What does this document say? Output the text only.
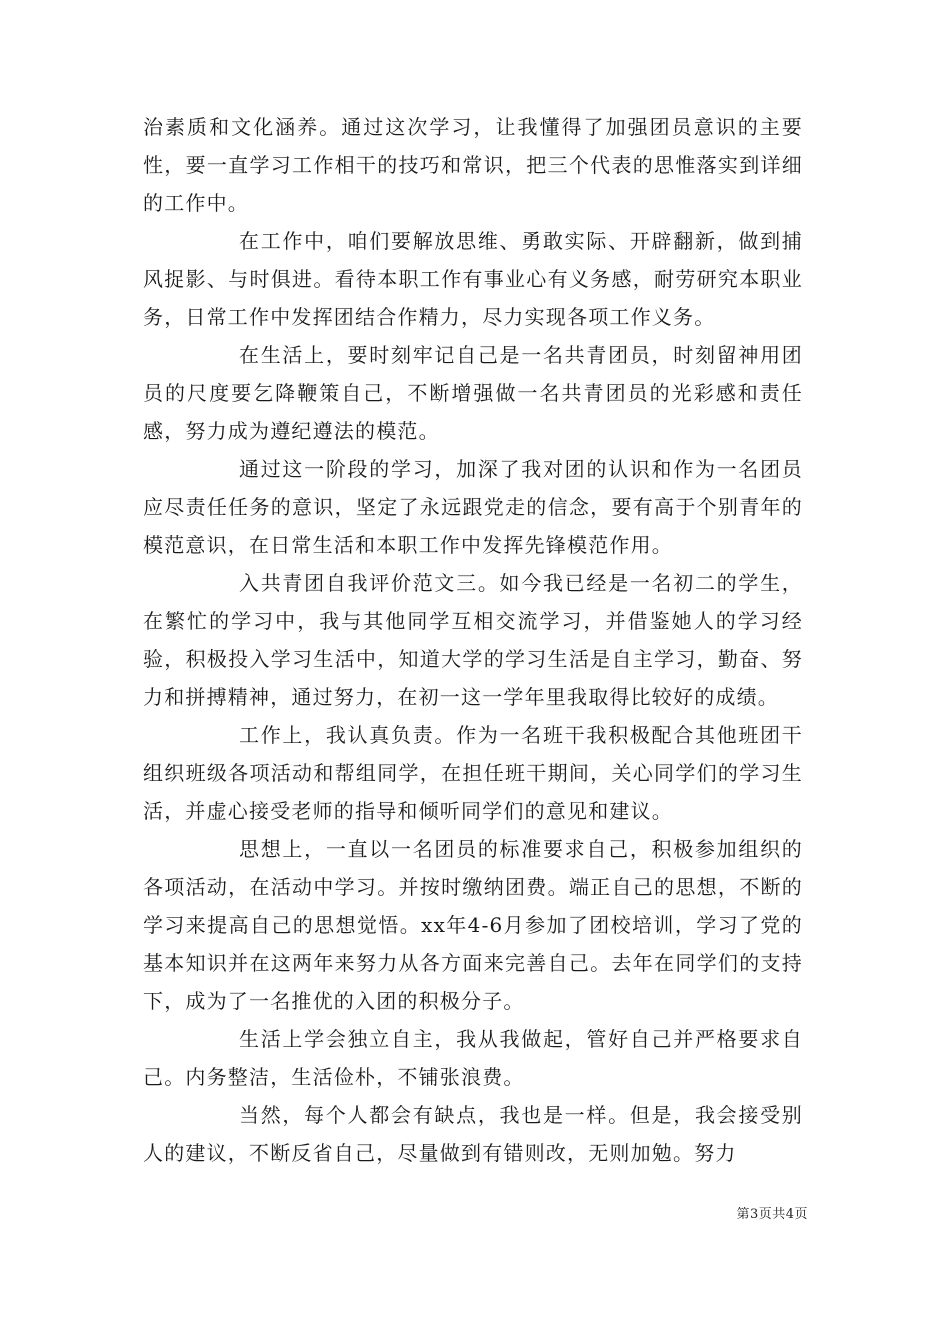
治素质和文化涵养。通过这次学习，让我懂得了加强团员意识的主要性，要一直学习工作相干的技巧和常识，把三个代表的思惟落实到详细的工作中。

在工作中，咱们要解放思维、勇敢实际、开辟翻新，做到捕风捉影、与时俱进。看待本职工作有事业心有义务感，耐劳研究本职业务，日常工作中发挥团结合作精力，尽力实现各项工作义务。

在生活上，要时刻牢记自己是一名共青团员，时刻留神用团员的尺度要乞降鞭策自己，不断增强做一名共青团员的光彩感和责任感，努力成为遵纪遵法的模范。

通过这一阶段的学习，加深了我对团的认识和作为一名团员应尽责任任务的意识，坚定了永远跟党走的信念，要有高于个别青年的模范意识，在日常生活和本职工作中发挥先锋模范作用。

入共青团自我评价范文三。如今我已经是一名初二的学生，在繁忙的学习中，我与其他同学互相交流学习，并借鉴她人的学习经验，积极投入学习生活中，知道大学的学习生活是自主学习，勤奋、努力和拼搏精神，通过努力，在初一这一学年里我取得比较好的成绩。

工作上，我认真负责。作为一名班干我积极配合其他班团干组织班级各项活动和帮组同学，在担任班干期间，关心同学们的学习生活，并虚心接受老师的指导和倾听同学们的意见和建议。

思想上，一直以一名团员的标准要求自己，积极参加组织的各项活动，在活动中学习。并按时缴纳团费。端正自己的思想，不断的学习来提高自己的思想觉悟。xx年4-6月参加了团校培训，学习了党的基本知识并在这两年来努力从各方面来完善自己。去年在同学们的支持下，成为了一名推优的入团的积极分子。

生活上学会独立自主，我从我做起，管好自己并严格要求自己。内务整洁，生活俭朴，不铺张浪费。

当然，每个人都会有缺点，我也是一样。但是，我会接受别人的建议，不断反省自己，尽量做到有错则改，无则加勉。努力

第3页共4页
